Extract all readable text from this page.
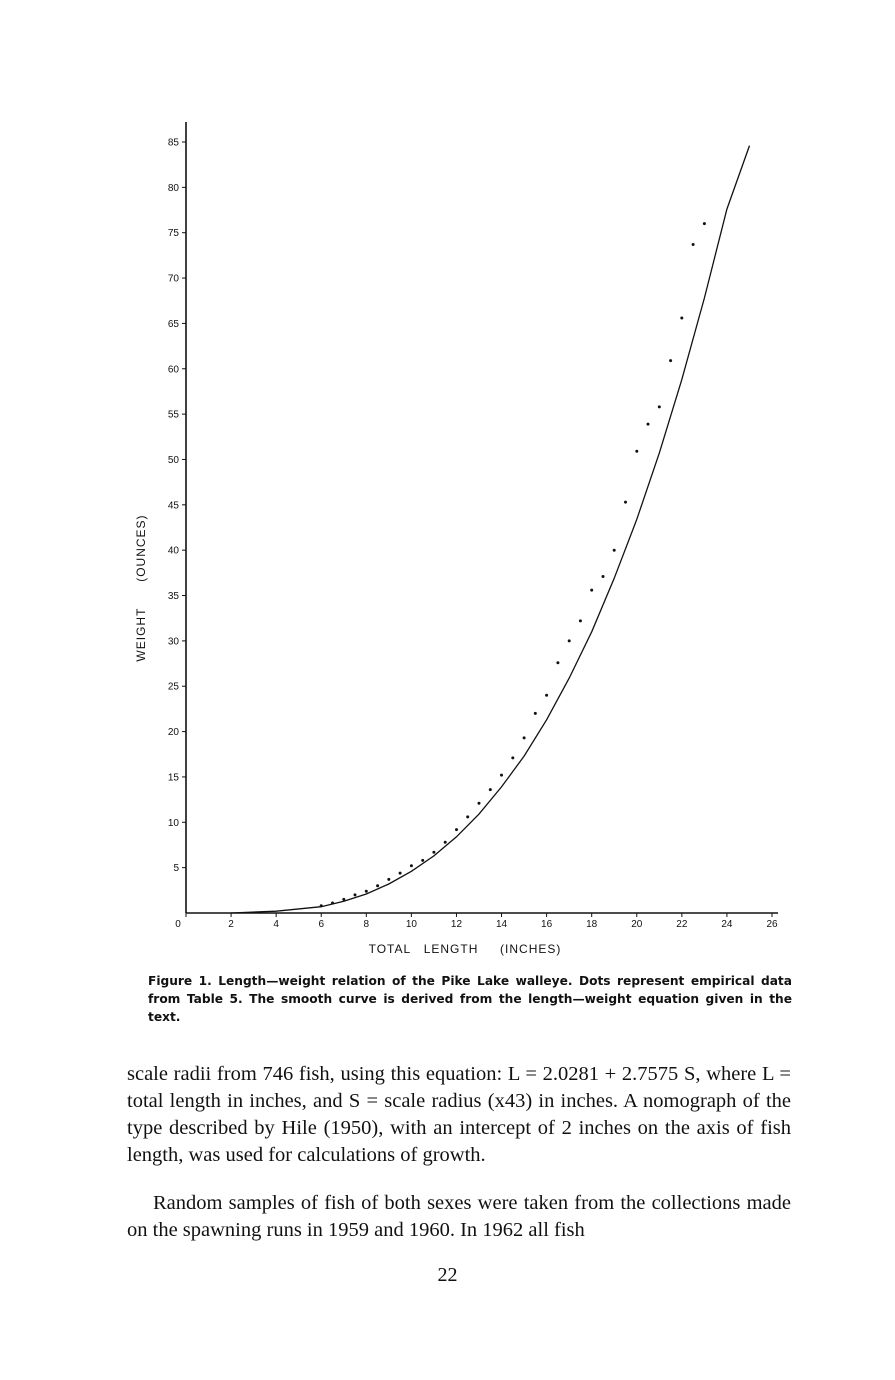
5
10
15
20
25
30
35
40
45
50
55
60
65
70
75
80
85
0	2	4	6	8	10	12	14	16	18	20	22	24	26
TOTAL   LENGTH     (INCHES)
WEIGHT      (OUNCES)

Figure 1. Length—weight relation of the Pike Lake walleye. Dots represent empirical data from Table 5. The smooth curve is derived from the length—weight equation given in the text.

scale radii from 746 fish, using this equation: L = 2.0281 + 2.7575 S, where L = total length in inches, and S = scale radius (x43) in inches. A nomograph of the type described by Hile (1950), with an intercept of 2 inches on the axis of fish length, was used for calculations of growth.

Random samples of fish of both sexes were taken from the collections made on the spawning runs in 1959 and 1960. In 1962 all fish

22
